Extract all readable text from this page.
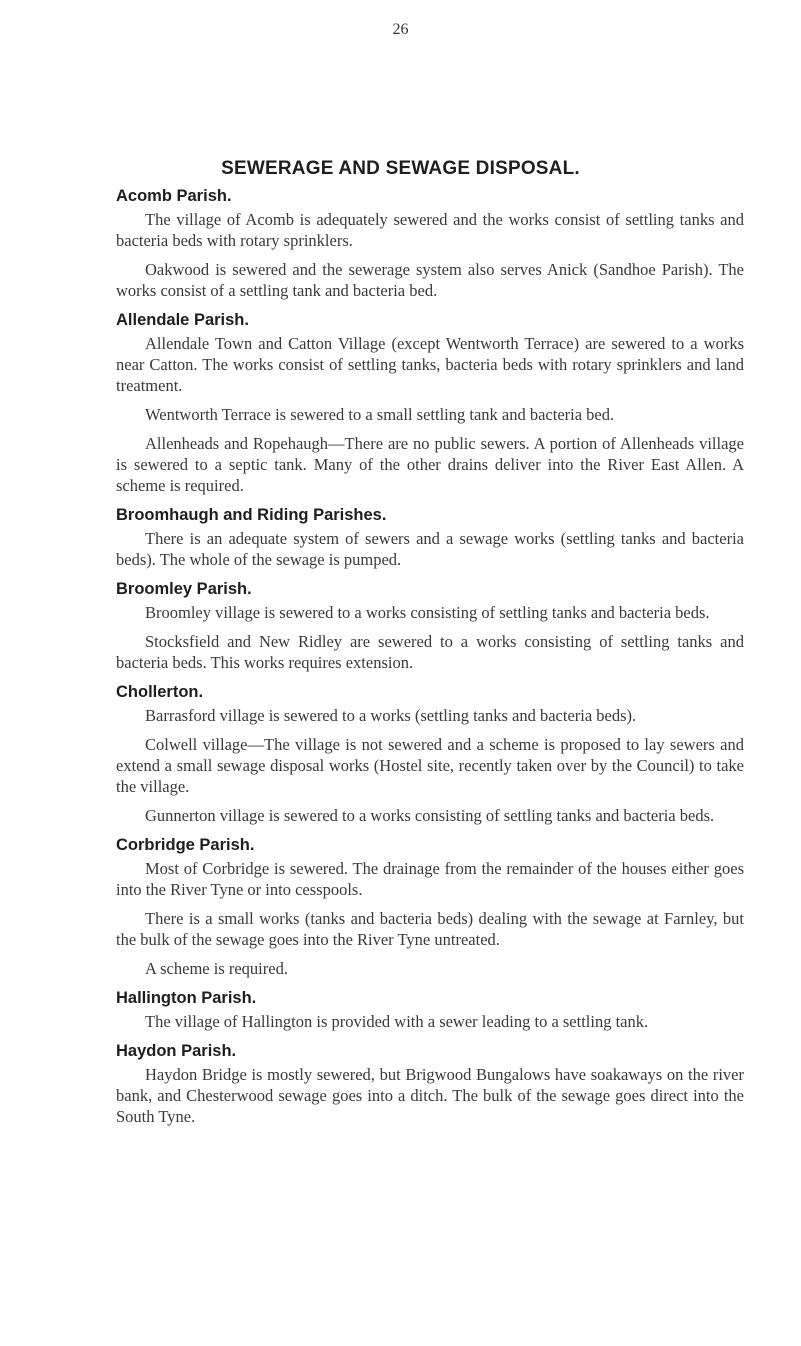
26
SEWERAGE AND SEWAGE DISPOSAL.
Acomb Parish.

The village of Acomb is adequately sewered and the works consist of settling tanks and bacteria beds with rotary sprinklers.

Oakwood is sewered and the sewerage system also serves Anick (Sandhoe Parish). The works consist of a settling tank and bacteria bed.

Allendale Parish.

Allendale Town and Catton Village (except Wentworth Terrace) are sewered to a works near Catton. The works consist of settling tanks, bacteria beds with rotary sprinklers and land treatment.

Wentworth Terrace is sewered to a small settling tank and bacteria bed.

Allenheads and Ropehaugh—There are no public sewers. A portion of Allenheads village is sewered to a septic tank. Many of the other drains deliver into the River East Allen. A scheme is required.

Broomhaugh and Riding Parishes.

There is an adequate system of sewers and a sewage works (settling tanks and bacteria beds). The whole of the sewage is pumped.

Broomley Parish.

Broomley village is sewered to a works consisting of settling tanks and bacteria beds.

Stocksfield and New Ridley are sewered to a works consisting of settling tanks and bacteria beds. This works requires extension.

Chollerton.

Barrasford village is sewered to a works (settling tanks and bacteria beds).

Colwell village—The village is not sewered and a scheme is proposed to lay sewers and extend a small sewage disposal works (Hostel site, recently taken over by the Council) to take the village.

Gunnerton village is sewered to a works consisting of settling tanks and bacteria beds.

Corbridge Parish.

Most of Corbridge is sewered. The drainage from the remainder of the houses either goes into the River Tyne or into cesspools.

There is a small works (tanks and bacteria beds) dealing with the sewage at Farnley, but the bulk of the sewage goes into the River Tyne untreated.

A scheme is required.

Hallington Parish.

The village of Hallington is provided with a sewer leading to a settling tank.

Haydon Parish.

Haydon Bridge is mostly sewered, but Brigwood Bungalows have soakaways on the river bank, and Chesterwood sewage goes into a ditch. The bulk of the sewage goes direct into the South Tyne.
